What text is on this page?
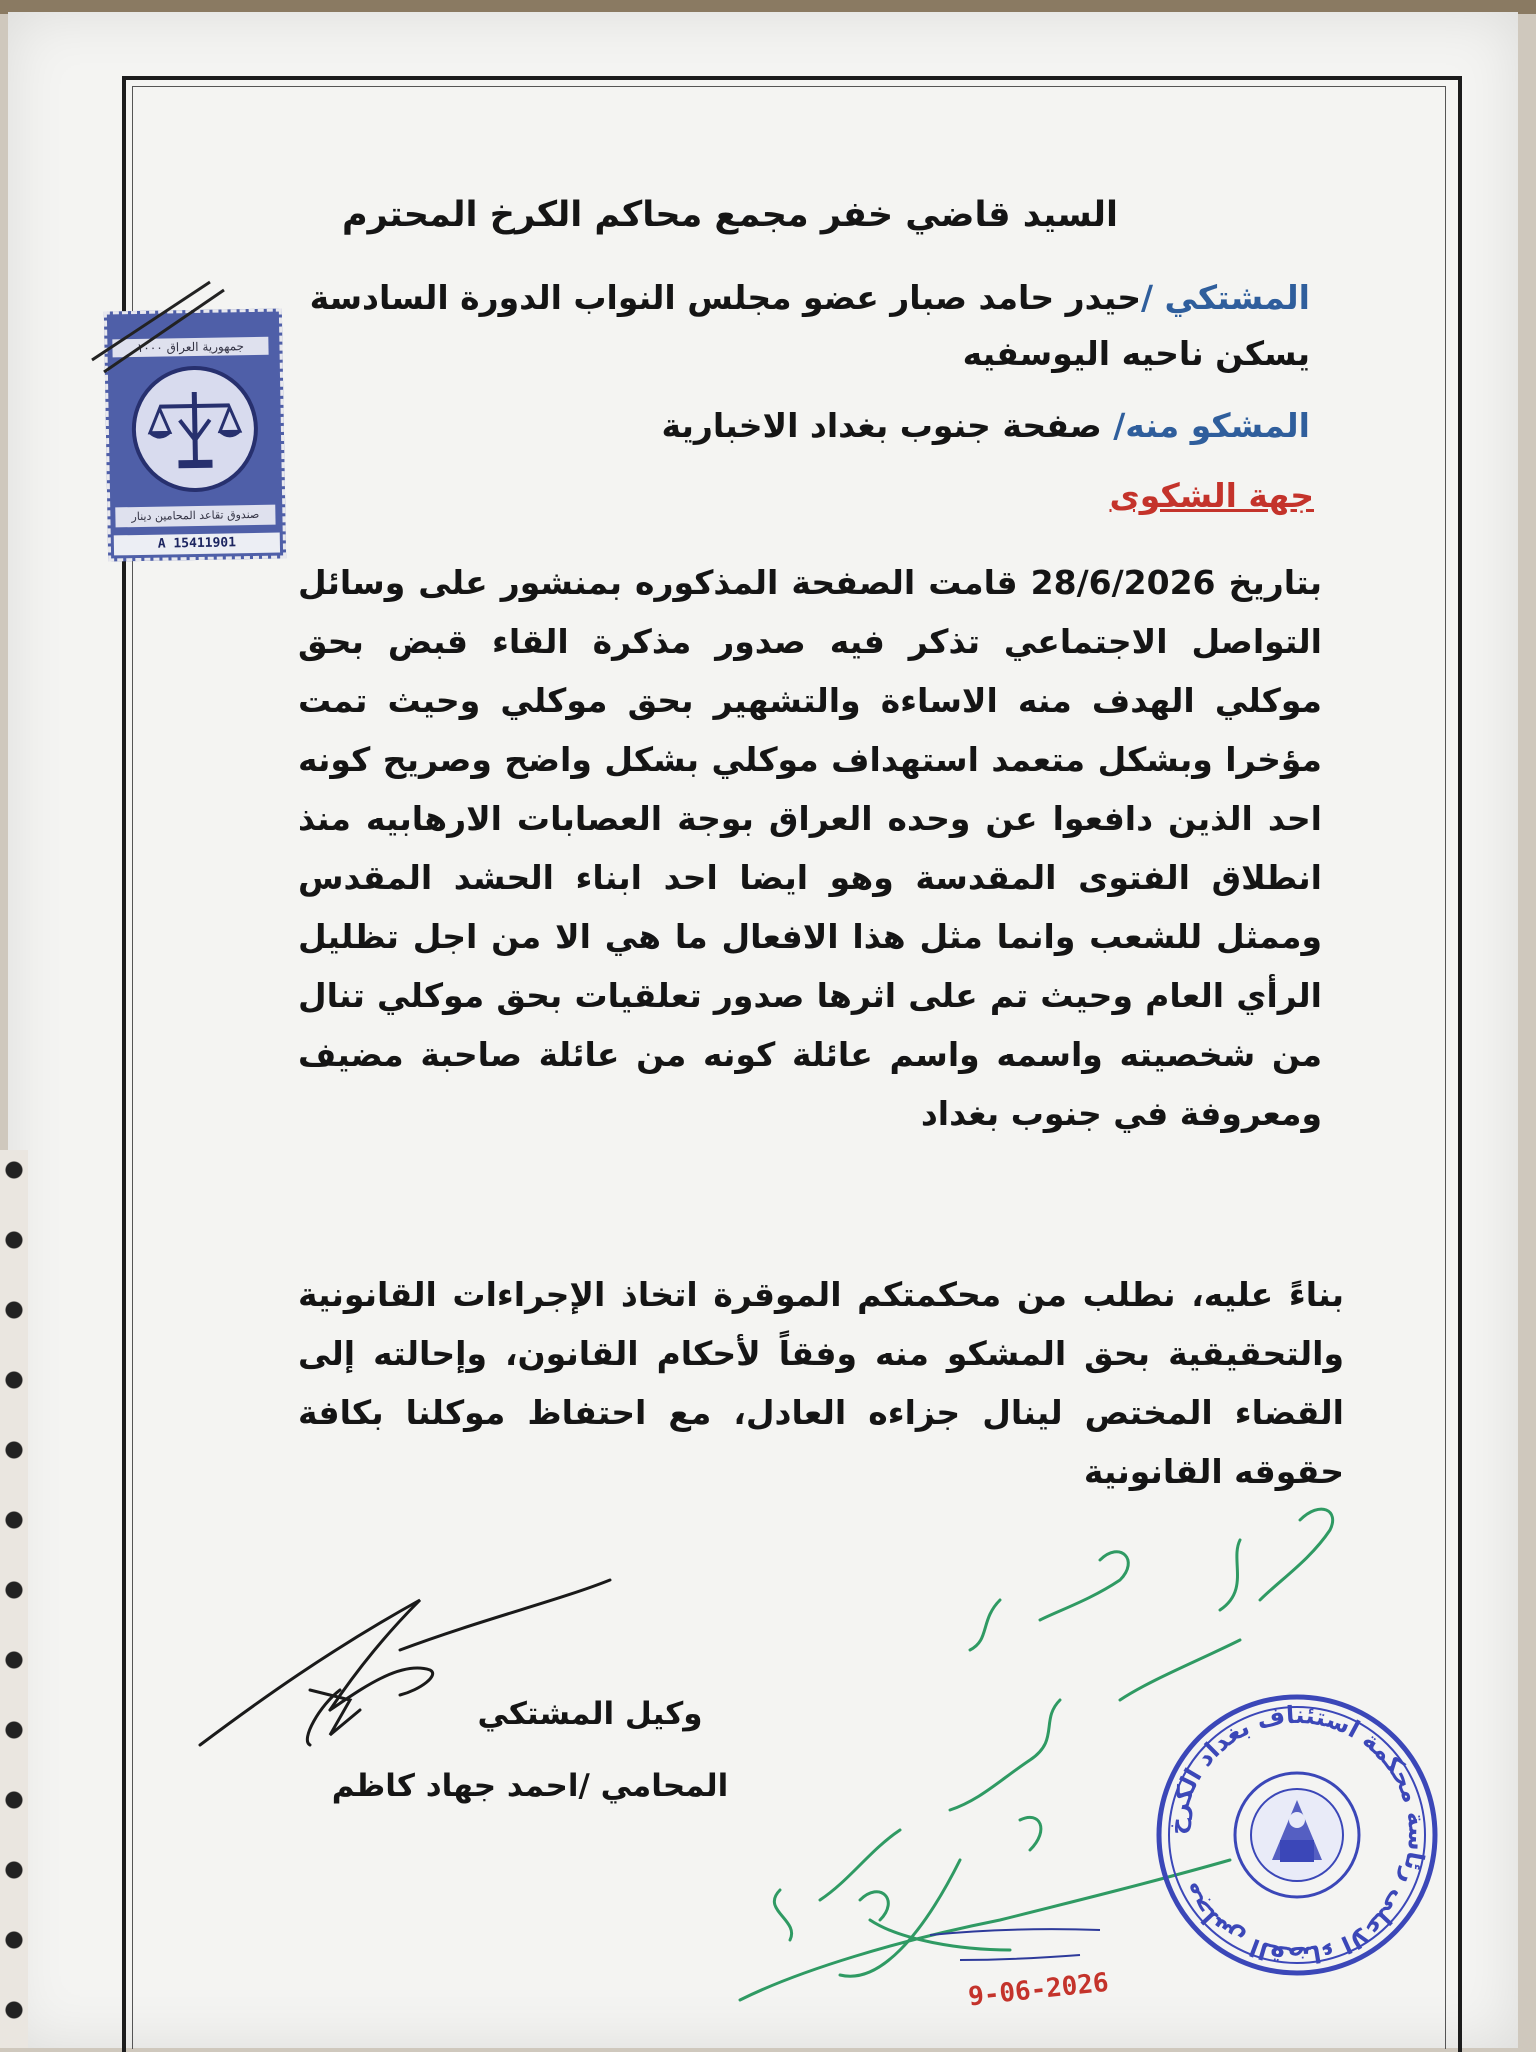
السيد قاضي خفر مجمع محاكم الكرخ المحترم
المشتكي /حيدر حامد صبار عضو مجلس النواب الدورة السادسة يسكن ناحيه اليوسفيه
المشكو منه/ صفحة جنوب بغداد الاخبارية
جهة الشكوى
بتاريخ 28/6/2026 قامت الصفحة المذكوره بمنشور على وسائل التواصل الاجتماعي تذكر فيه صدور مذكرة القاء قبض بحق موكلي الهدف منه الاساءة والتشهير بحق موكلي وحيث تمت مؤخرا وبشكل متعمد استهداف موكلي بشكل واضح وصريح كونه احد الذين دافعوا عن وحده العراق بوجة العصابات الارهابيه منذ انطلاق الفتوى المقدسة وهو ايضا احد ابناء الحشد المقدس وممثل للشعب وانما مثل هذا الافعال ما هي الا من اجل تظليل الرأي العام وحيث تم على اثرها صدور تعلقيات بحق موكلي تنال من شخصيته واسمه واسم عائلة كونه من عائلة صاحبة مضيف ومعروفة في جنوب بغداد
بناءً عليه، نطلب من محكمتكم الموقرة اتخاذ الإجراءات القانونية والتحقيقية بحق المشكو منه وفقاً لأحكام القانون، وإحالته إلى القضاء المختص لينال جزاءه العادل، مع احتفاظ موكلنا بكافة حقوقه القانونية
وكيل المشتكي
المحامي /احمد جهاد كاظم
جمهورية العراق ١٠٠٠
صندوق تقاعد المحامين دينار
A 15411901
مجلس القضاء الاعلى رئاسة محكمة استئناف بغداد الكرخ
9-06-2026
